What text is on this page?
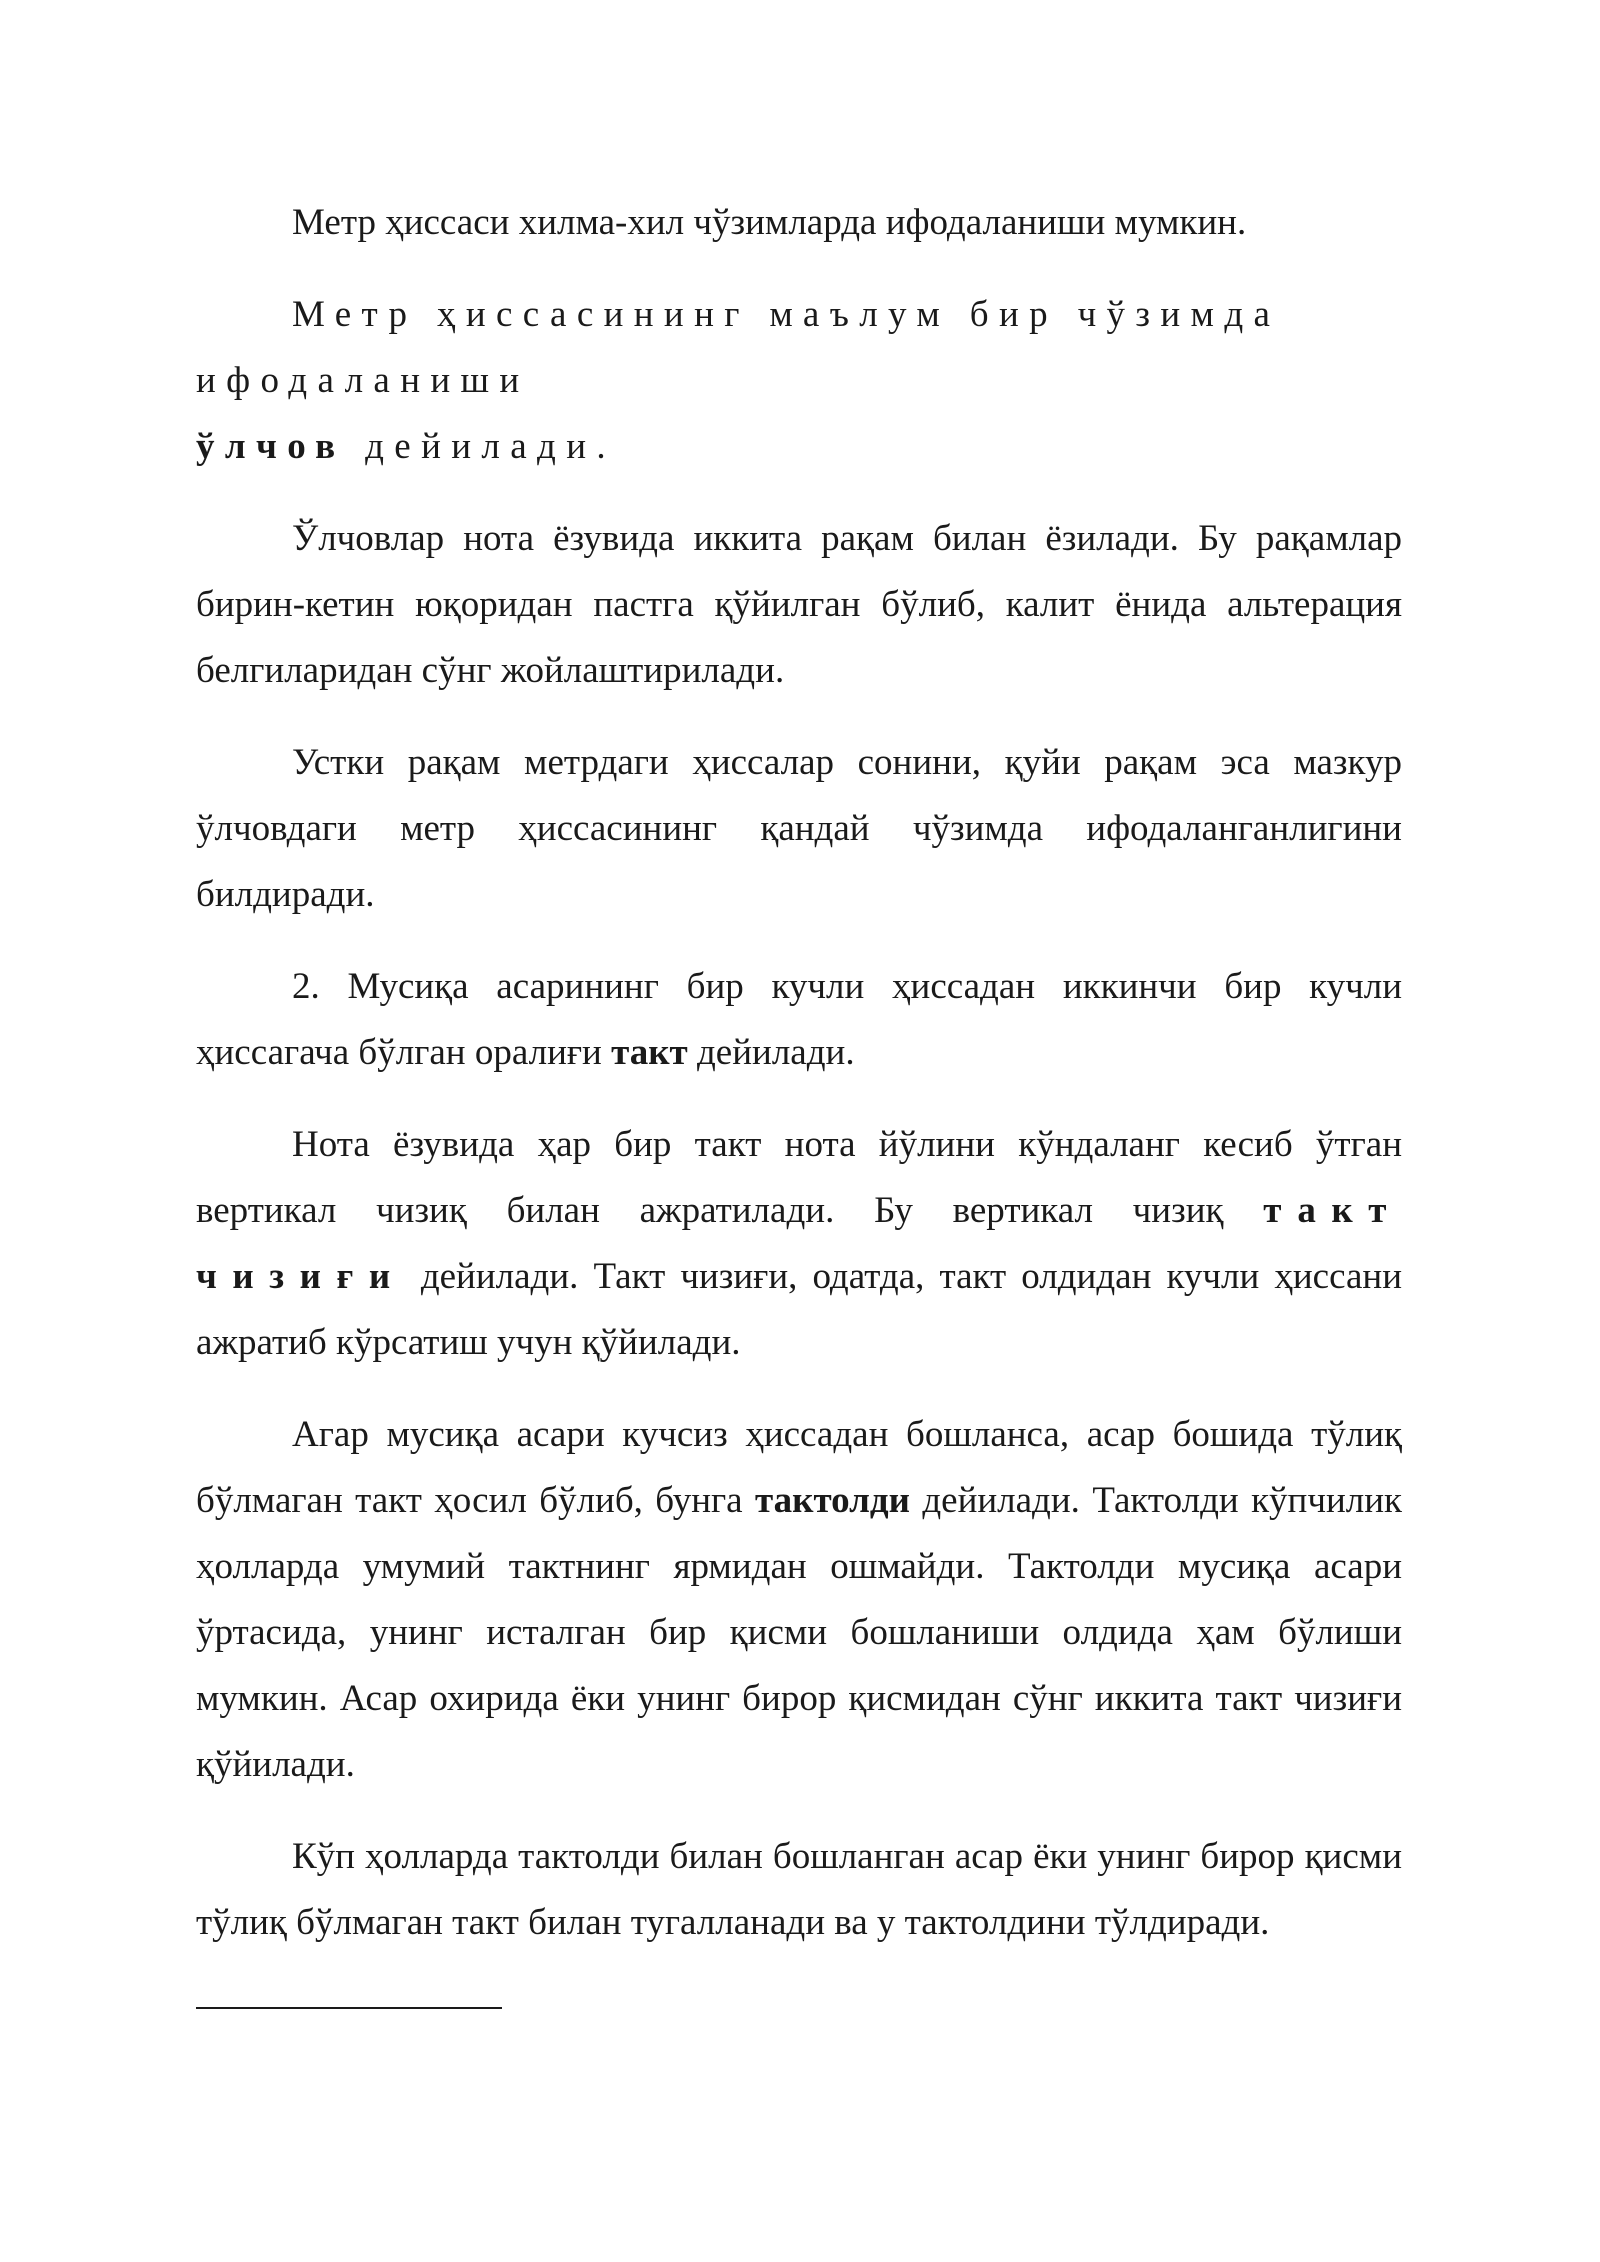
Метр ҳиссаси хилма-хил чўзимларда ифодаланиши мумкин.

Метр ҳиссасининг маълум бир чўзимда ифодаланиши
ўлчов дейилади.

Ўлчовлар нота ёзувида иккита рақам билан ёзилади. Бу рақамлар бирин-кетин юқоридан пастга қўйилган бўлиб, калит ёнида альтерация белгиларидан сўнг жойлаштирилади.

Устки рақам метрдаги ҳиссалар сонини, қуйи рақам эса мазкур ўлчовдаги метр ҳиссасининг қандай чўзимда ифодаланганлигини билдиради.

2. Мусиқа асарининг бир кучли ҳиссадан иккинчи бир кучли ҳиссагача бўлган оралиғи такт дейилади.

Нота ёзувида ҳар бир такт нота йўлини кўндаланг кесиб ўтган вертикал чизиқ билан ажратилади. Бу вертикал чизиқ такт чизиғи дейилади. Такт чизиғи, одатда, такт олдидан кучли ҳиссани ажратиб кўрсатиш учун қўйилади.

Агар мусиқа асари кучсиз ҳиссадан бошланса, асар бошида тўлиқ бўлмаган такт ҳосил бўлиб, бунга тактолди дейилади. Тактолди кўпчилик ҳолларда умумий тактнинг ярмидан ошмайди. Тактолди мусиқа асари ўртасида, унинг исталган бир қисми бошланиши олдида ҳам бўлиши мумкин. Асар охирида ёки унинг бирор қисмидан сўнг иккита такт чизиғи қўйилади.

Кўп ҳолларда тактолди билан бошланган асар ёки унинг бирор қисми тўлиқ бўлмаган такт билан тугалланади ва у тактолдини тўлдиради.
